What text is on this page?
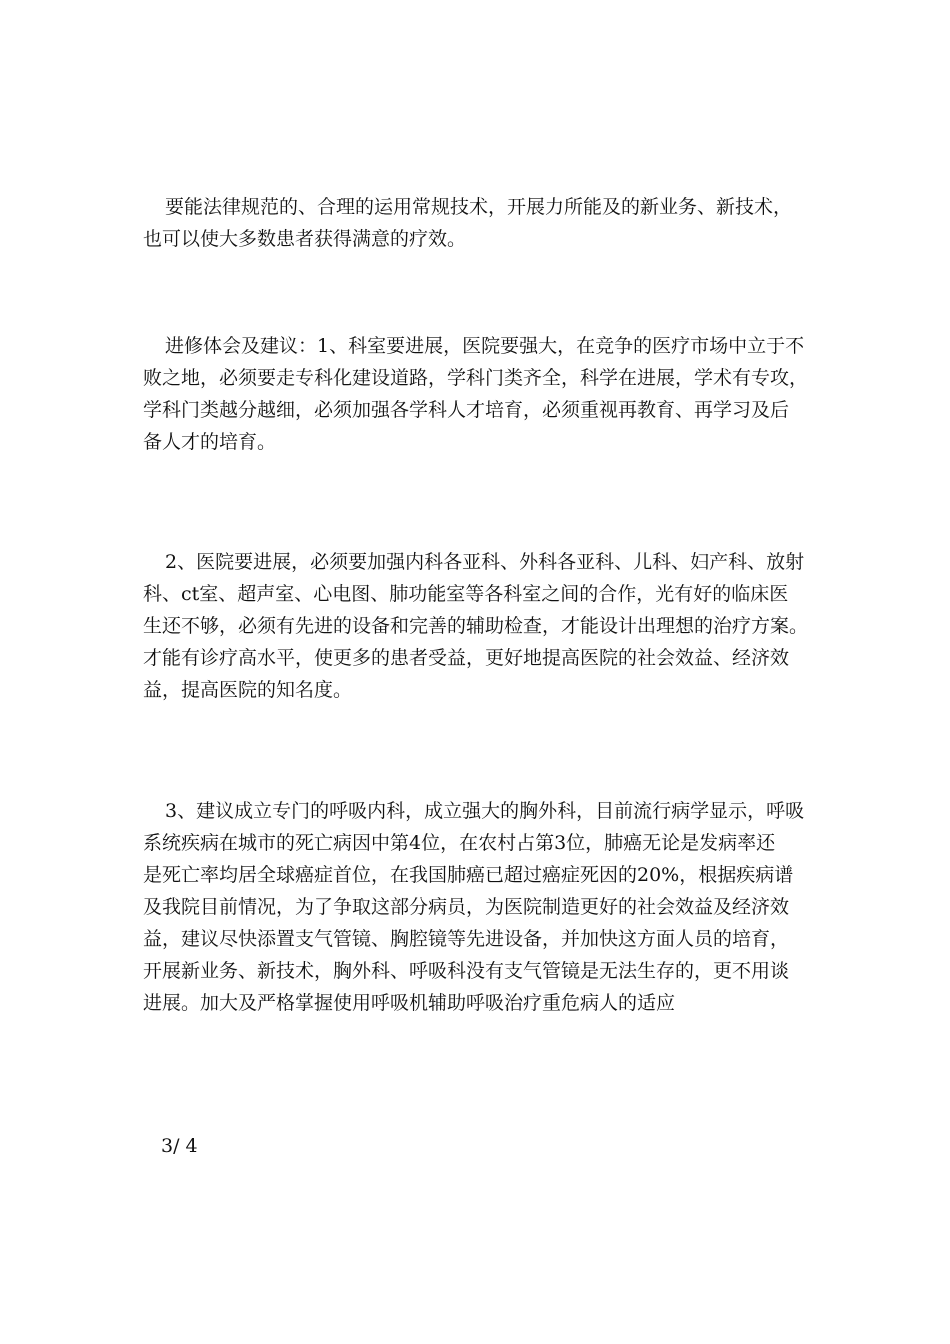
要能法律规范的、合理的运用常规技术，开展力所能及的新业务、新技术，
也可以使大多数患者获得满意的疗效。

进修体会及建议：1、科室要进展，医院要强大，在竞争的医疗市场中立于不
败之地，必须要走专科化建设道路，学科门类齐全，科学在进展，学术有专攻，
学科门类越分越细，必须加强各学科人才培育，必须重视再教育、再学习及后
备人才的培育。

2、医院要进展，必须要加强内科各亚科、外科各亚科、儿科、妇产科、放射
科、ct室、超声室、心电图、肺功能室等各科室之间的合作，光有好的临床医
生还不够，必须有先进的设备和完善的辅助检查，才能设计出理想的治疗方案。
才能有诊疗高水平，使更多的患者受益，更好地提高医院的社会效益、经济效
益，提高医院的知名度。

3、建议成立专门的呼吸内科，成立强大的胸外科，目前流行病学显示，呼吸
系统疾病在城市的死亡病因中第4位，在农村占第3位，肺癌无论是发病率还
是死亡率均居全球癌症首位，在我国肺癌已超过癌症死因的20%，根据疾病谱
及我院目前情况，为了争取这部分病员，为医院制造更好的社会效益及经济效
益，建议尽快添置支气管镜、胸腔镜等先进设备，并加快这方面人员的培育，
开展新业务、新技术，胸外科、呼吸科没有支气管镜是无法生存的，更不用谈
进展。加大及严格掌握使用呼吸机辅助呼吸治疗重危病人的适应

3/ 4
